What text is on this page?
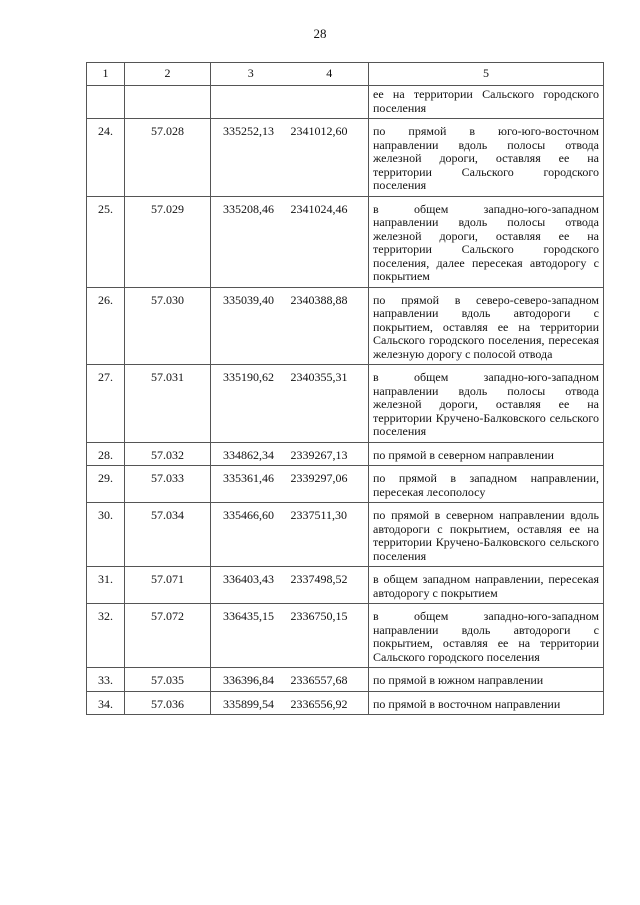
28
1	2	3	4	5
				ее на территории Сальского городского поселения
24.	57.028	335252,13	2341012,60	по прямой в юго-юго-восточном направлении вдоль полосы отвода железной дороги, оставляя ее на территории Сальского городского поселения
25.	57.029	335208,46	2341024,46	в общем западно-юго-западном направлении вдоль полосы отвода железной дороги, оставляя ее на территории Сальского городского поселения, далее пересекая автодорогу с покрытием
26.	57.030	335039,40	2340388,88	по прямой в северо-северо-западном направлении вдоль автодороги с покрытием, оставляя ее на территории Сальского городского поселения, пересекая железную дорогу с полосой отвода
27.	57.031	335190,62	2340355,31	в общем западно-юго-западном направлении вдоль полосы отвода железной дороги, оставляя ее на территории Кручено-Балковского сельского поселения
28.	57.032	334862,34	2339267,13	по прямой в северном направлении
29.	57.033	335361,46	2339297,06	по прямой в западном направлении, пересекая лесополосу
30.	57.034	335466,60	2337511,30	по прямой в северном направлении вдоль автодороги с покрытием, оставляя ее на территории Кручено-Балковского сельского поселения
31.	57.071	336403,43	2337498,52	в общем западном направлении, пересекая автодорогу с покрытием
32.	57.072	336435,15	2336750,15	в общем западно-юго-западном направлении вдоль автодороги с покрытием, оставляя ее на территории Сальского городского поселения
33.	57.035	336396,84	2336557,68	по прямой в южном направлении
34.	57.036	335899,54	2336556,92	по прямой в восточном направлении
